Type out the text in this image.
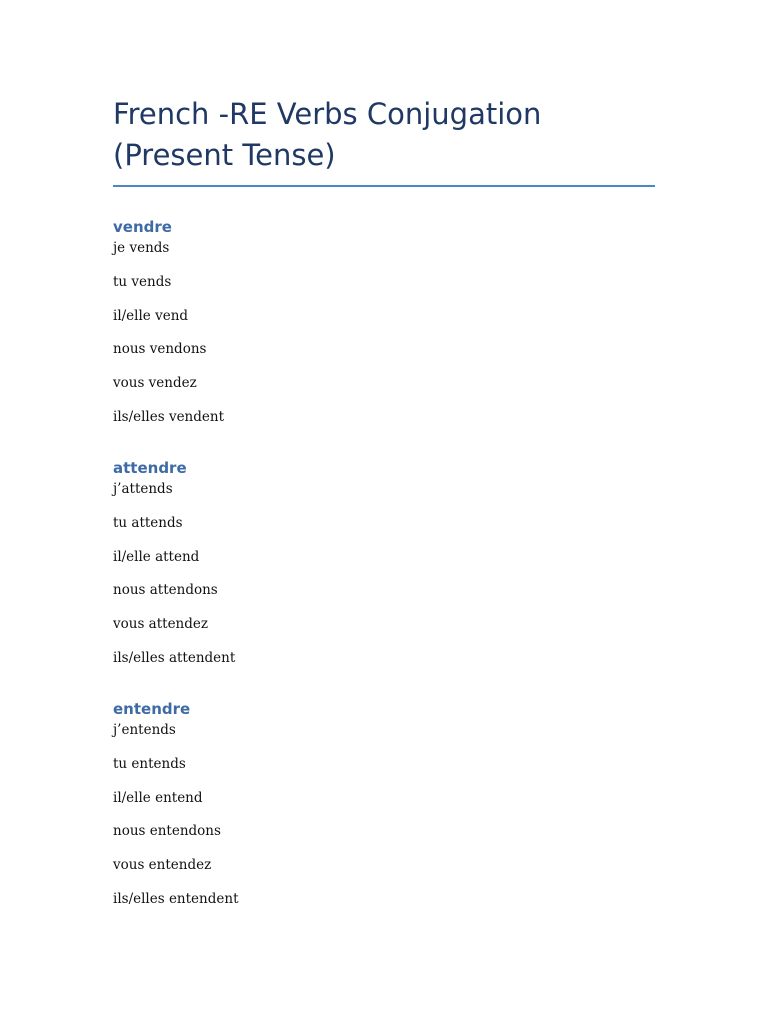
French -RE Verbs Conjugation (Present Tense)
vendre
je vends
tu vends
il/elle vend
nous vendons
vous vendez
ils/elles vendent
attendre
j’attends
tu attends
il/elle attend
nous attendons
vous attendez
ils/elles attendent
entendre
j’entends
tu entends
il/elle entend
nous entendons
vous entendez
ils/elles entendent
